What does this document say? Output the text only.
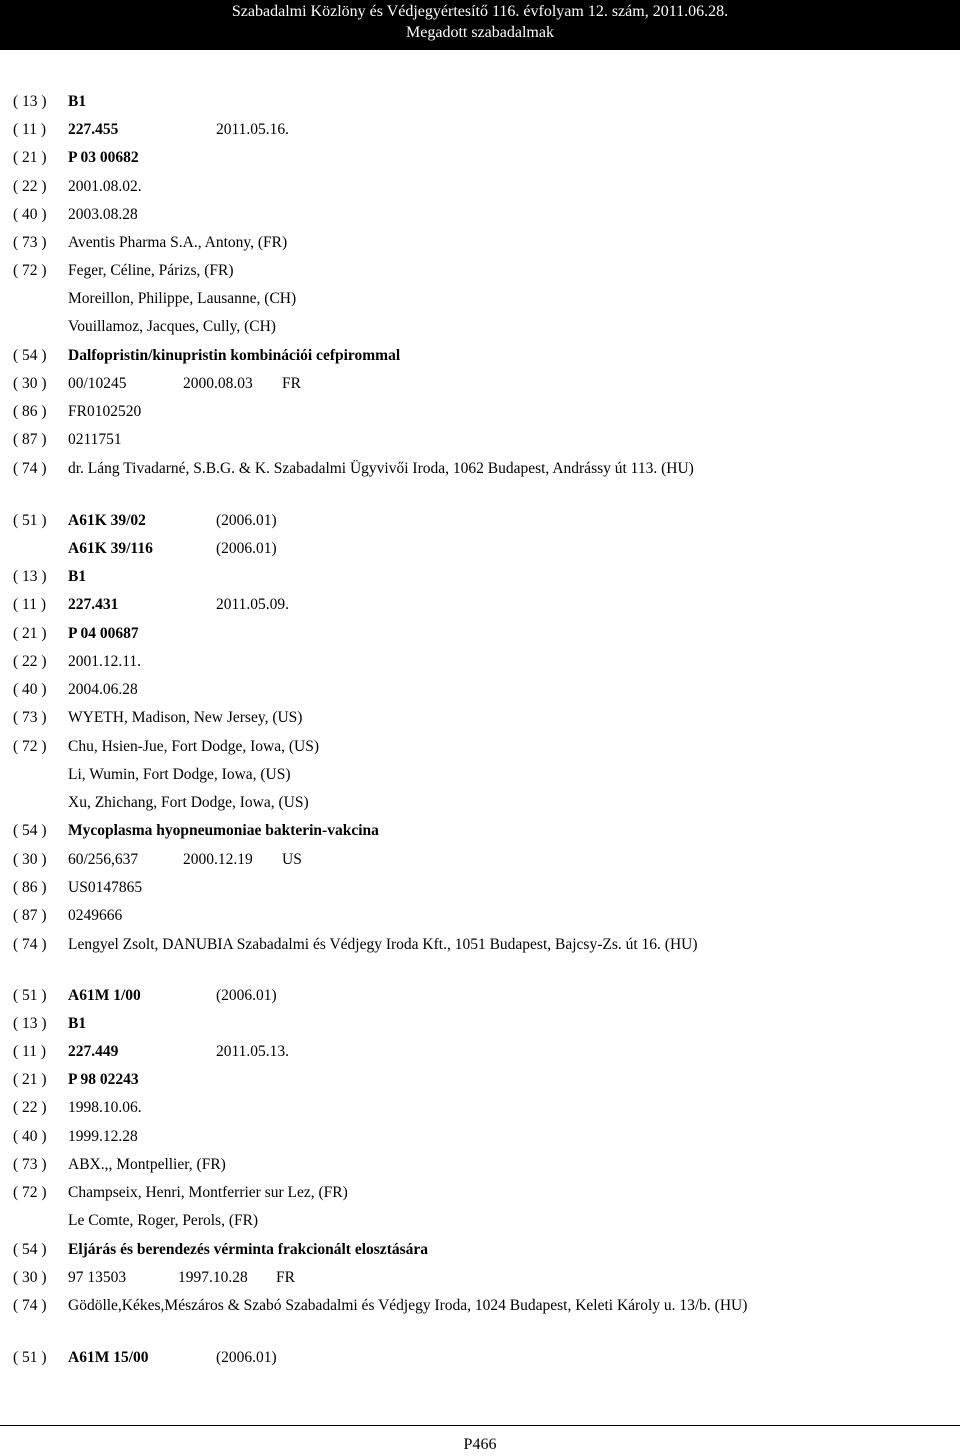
Szabadalmi Közlöny és Védjegyértesítő 116. évfolyam 12. szám, 2011.06.28.
Megadott szabadalmak
( 13 ) B1
( 11 ) 227.455	2011.05.16.
( 21 ) P 03 00682
( 22 ) 2001.08.02.
( 40 ) 2003.08.28
( 73 ) Aventis Pharma S.A., Antony, (FR)
( 72 ) Feger, Céline, Párizs, (FR)
Moreillon, Philippe, Lausanne, (CH)
Vouillamoz, Jacques, Cully, (CH)
( 54 ) Dalfopristin/kinupristin kombinációi cefpirommal
( 30 ) 00/10245	2000.08.03 FR
( 86 ) FR0102520
( 87 ) 0211751
( 74 ) dr. Láng Tivadarné, S.B.G. & K. Szabadalmi Ügyvivői Iroda, 1062 Budapest, Andrássy út 113. (HU)
( 51 ) A61K 39/02	(2006.01)
A61K 39/116	(2006.01)
( 13 ) B1
( 11 ) 227.431	2011.05.09.
( 21 ) P 04 00687
( 22 ) 2001.12.11.
( 40 ) 2004.06.28
( 73 ) WYETH, Madison, New Jersey, (US)
( 72 ) Chu, Hsien-Jue, Fort Dodge, Iowa, (US)
Li, Wumin, Fort Dodge, Iowa, (US)
Xu, Zhichang, Fort Dodge, Iowa, (US)
( 54 ) Mycoplasma hyopneumoniae bakterin-vakcina
( 30 ) 60/256,637	2000.12.19 US
( 86 ) US0147865
( 87 ) 0249666
( 74 ) Lengyel Zsolt, DANUBIA Szabadalmi és Védjegy Iroda Kft., 1051 Budapest, Bajcsy-Zs. út 16. (HU)
( 51 ) A61M 1/00	(2006.01)
( 13 ) B1
( 11 ) 227.449	2011.05.13.
( 21 ) P 98 02243
( 22 ) 1998.10.06.
( 40 ) 1999.12.28
( 73 ) ABX.,, Montpellier, (FR)
( 72 ) Champseix, Henri, Montferrier sur Lez, (FR)
Le Comte, Roger, Perols, (FR)
( 54 ) Eljárás és berendezés vérminta frakcionált elosztására
( 30 ) 97 13503	1997.10.28 FR
( 74 ) Gödölle,Kékes,Mészáros & Szabó Szabadalmi és Védjegy Iroda, 1024 Budapest, Keleti Károly u. 13/b. (HU)
( 51 ) A61M 15/00	(2006.01)
P466
